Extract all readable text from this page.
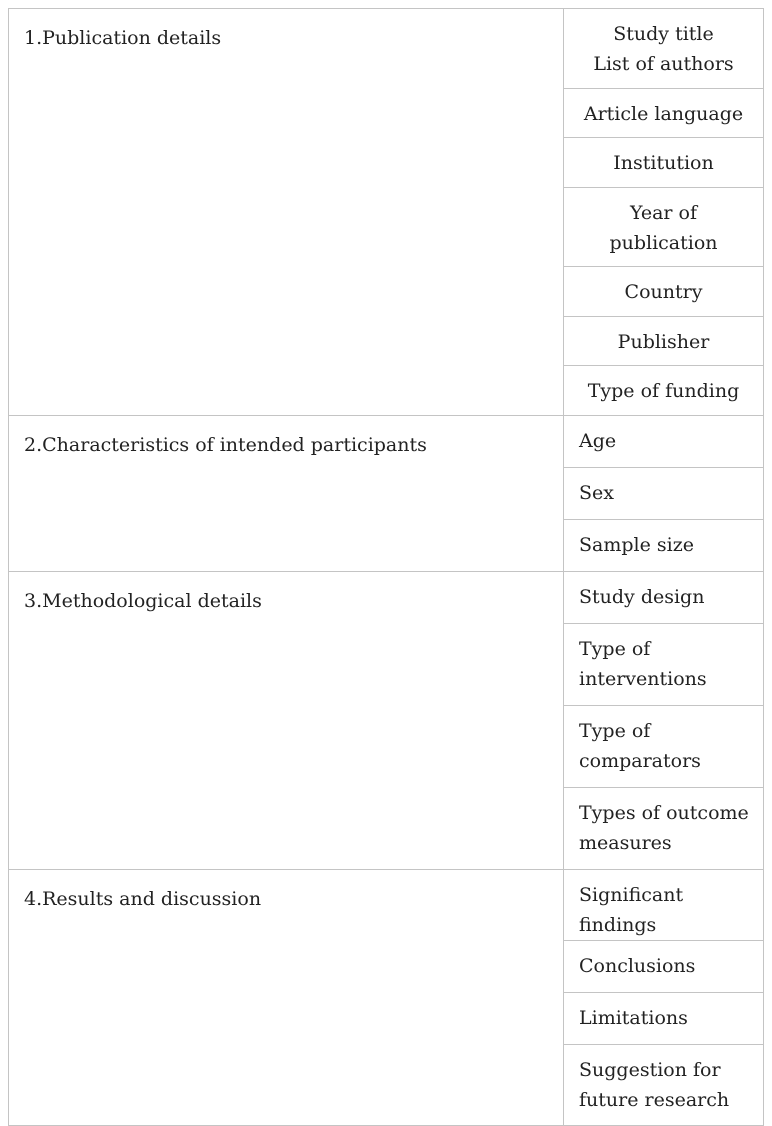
1.Publication details	Study title
List of authors

	Article language

	Institution

	Year of
publication

	Country

	Publisher

	Type of funding

2.Characteristics of intended participants	Age

	Sex

	Sample size

3.Methodological details	Study design

	Type of
interventions

	Type of
comparators

	Types of outcome
measures

4.Results and discussion	Significant findings

	Conclusions

	Limitations

	Suggestion for
future research
